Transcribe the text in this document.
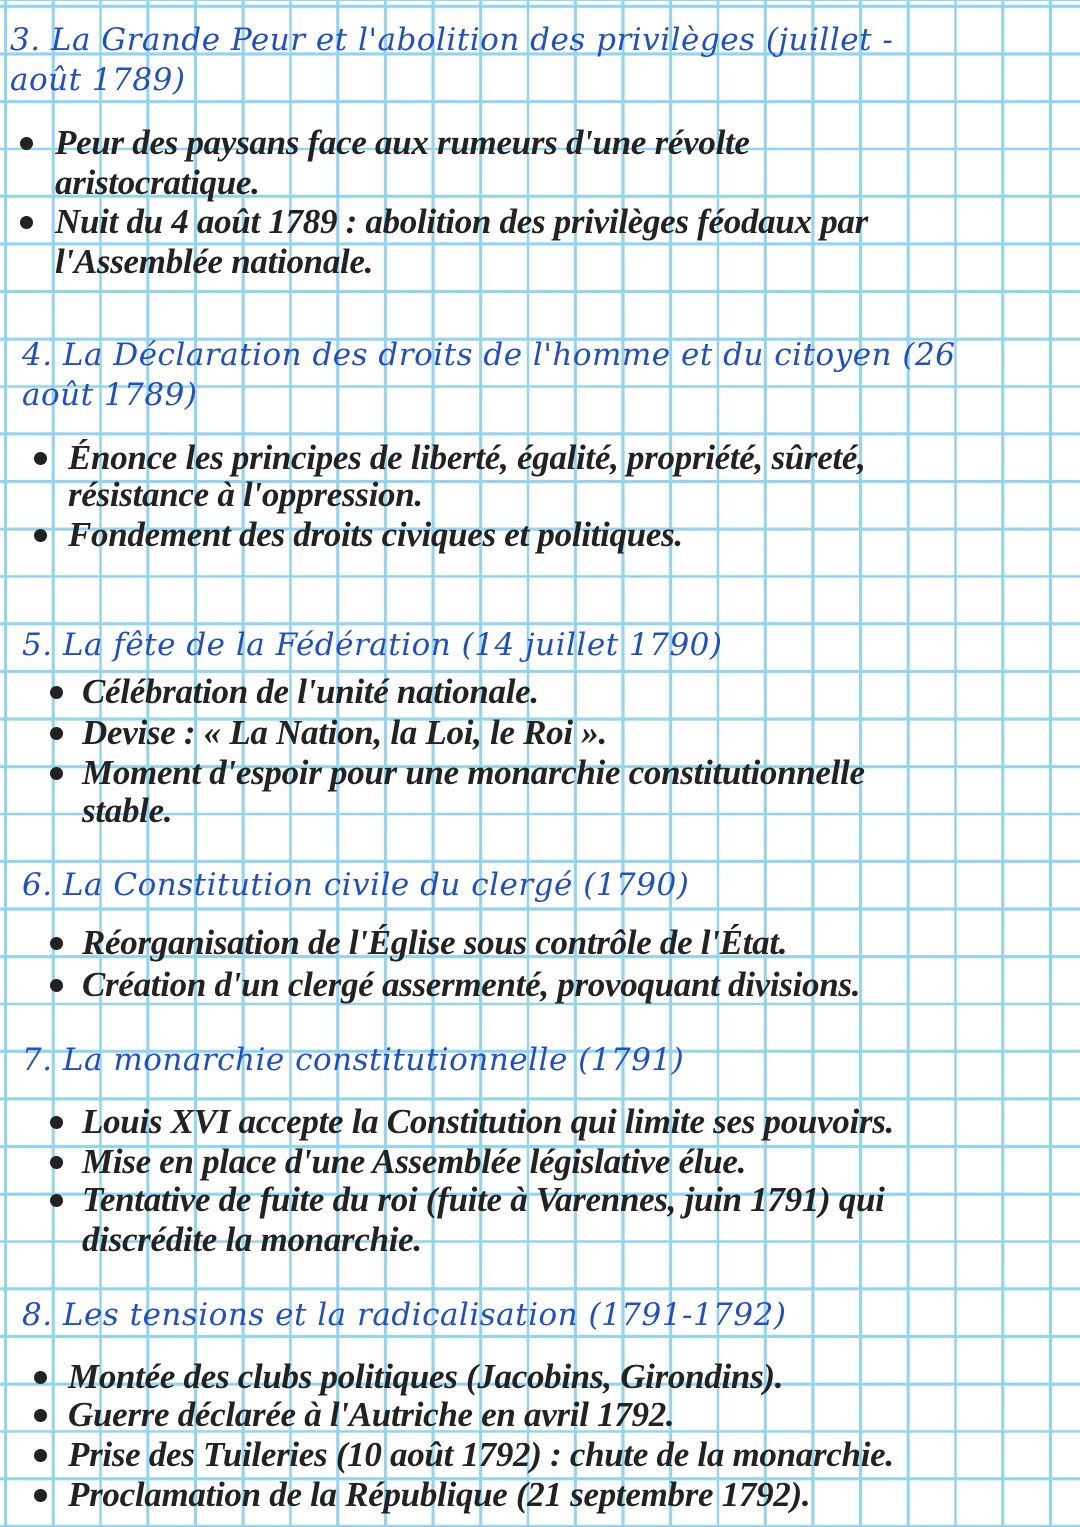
3. La Grande Peur et l'abolition des privilèges (juillet -
août 1789)
Peur des paysans face aux rumeurs d'une révolte
aristocratique.
Nuit du 4 août 1789 : abolition des privilèges féodaux par
l'Assemblée nationale.
4. La Déclaration des droits de l'homme et du citoyen (26
août 1789)
Énonce les principes de liberté, égalité, propriété, sûreté,
résistance à l'oppression.
Fondement des droits civiques et politiques.
5. La fête de la Fédération (14 juillet 1790)
Célébration de l'unité nationale.
Devise : « La Nation, la Loi, le Roi ».
Moment d'espoir pour une monarchie constitutionnelle
stable.
6. La Constitution civile du clergé (1790)
Réorganisation de l'Église sous contrôle de l'État.
Création d'un clergé assermenté, provoquant divisions.
7. La monarchie constitutionnelle (1791)
Louis XVI accepte la Constitution qui limite ses pouvoirs.
Mise en place d'une Assemblée législative élue.
Tentative de fuite du roi (fuite à Varennes, juin 1791) qui
discrédite la monarchie.
8. Les tensions et la radicalisation (1791-1792)
Montée des clubs politiques (Jacobins, Girondins).
Guerre déclarée à l'Autriche en avril 1792.
Prise des Tuileries (10 août 1792) : chute de la monarchie.
Proclamation de la République (21 septembre 1792).
